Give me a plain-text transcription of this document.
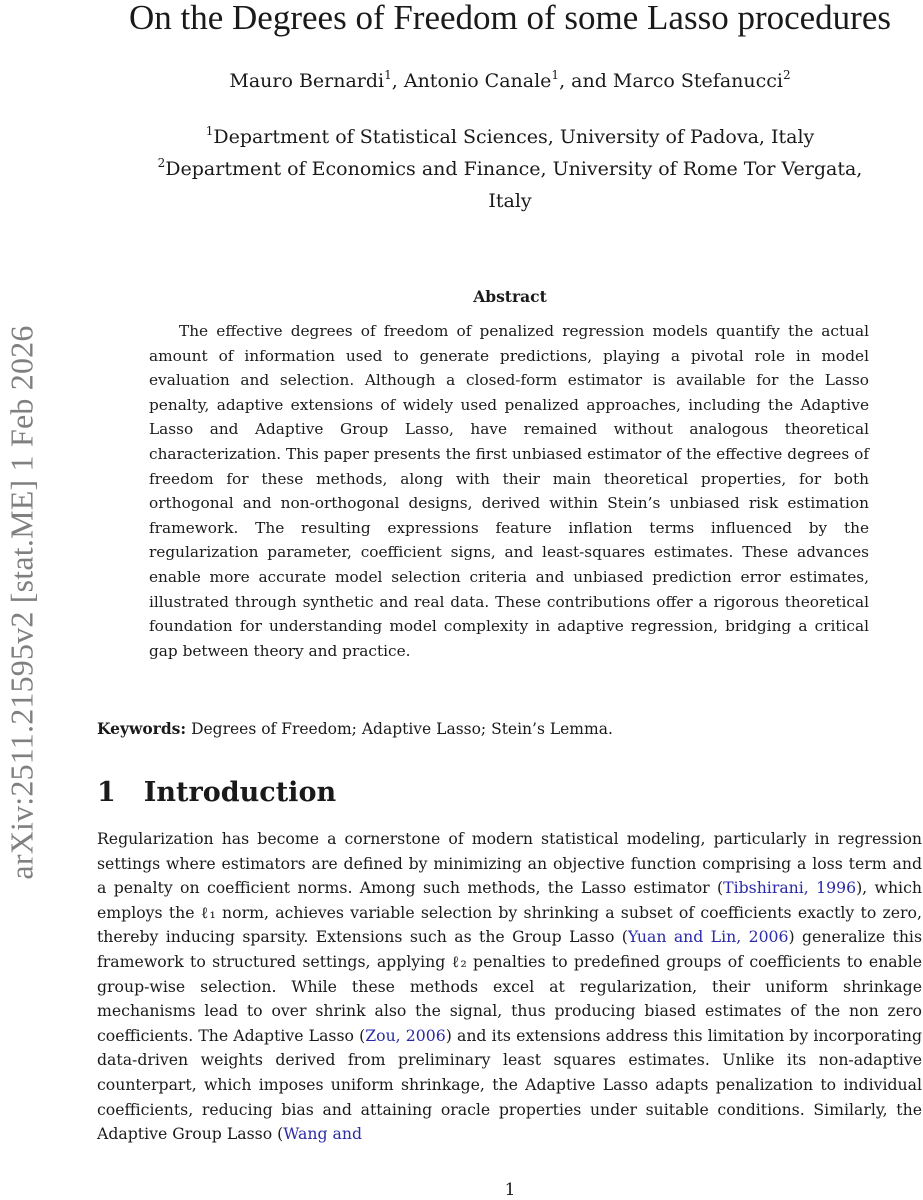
arXiv:2511.21595v2 [stat.ME] 1 Feb 2026
On the Degrees of Freedom of some Lasso procedures
Mauro Bernardi$^1$, Antonio Canale$^1$, and Marco Stefanucci$^2$
$^1$Department of Statistical Sciences, University of Padova, Italy
$^2$Department of Economics and Finance, University of Rome Tor Vergata,
Italy
Abstract

The effective degrees of freedom of penalized regression models quantify the actual amount of information used to generate predictions, playing a pivotal role in model evaluation and selection. Although a closed-form estimator is available for the Lasso penalty, adaptive extensions of widely used penalized approaches, including the Adaptive Lasso and Adaptive Group Lasso, have remained without analogous theoretical characterization. This paper presents the first unbiased estimator of the effective degrees of freedom for these methods, along with their main theoretical properties, for both orthogonal and non-orthogonal designs, derived within Stein’s unbiased risk estimation framework. The resulting expressions feature inflation terms influenced by the regularization parameter, coefficient signs, and least-squares estimates. These advances enable more accurate model selection criteria and unbiased prediction error estimates, illustrated through synthetic and real data. These contributions offer a rigorous theoretical foundation for understanding model complexity in adaptive regression, bridging a critical gap between theory and practice.

Keywords: Degrees of Freedom; Adaptive Lasso; Stein’s Lemma.
1 Introduction

Regularization has become a cornerstone of modern statistical modeling, particularly in regression settings where estimators are defined by minimizing an objective function comprising a loss term and a penalty on coefficient norms. Among such methods, the Lasso estimator (Tibshirani, 1996), which employs the ℓ₁ norm, achieves variable selection by shrinking a subset of coefficients exactly to zero, thereby inducing sparsity. Extensions such as the Group Lasso (Yuan and Lin, 2006) generalize this framework to structured settings, applying ℓ₂ penalties to predefined groups of coefficients to enable group-wise selection. While these methods excel at regularization, their uniform shrinkage mechanisms lead to over shrink also the signal, thus producing biased estimates of the non zero coefficients. The Adaptive Lasso (Zou, 2006) and its extensions address this limitation by incorporating data-driven weights derived from preliminary least squares estimates. Unlike its non-adaptive counterpart, which imposes uniform shrinkage, the Adaptive Lasso adapts penalization to individual coefficients, reducing bias and attaining oracle properties under suitable conditions. Similarly, the Adaptive Group Lasso (Wang and

1
